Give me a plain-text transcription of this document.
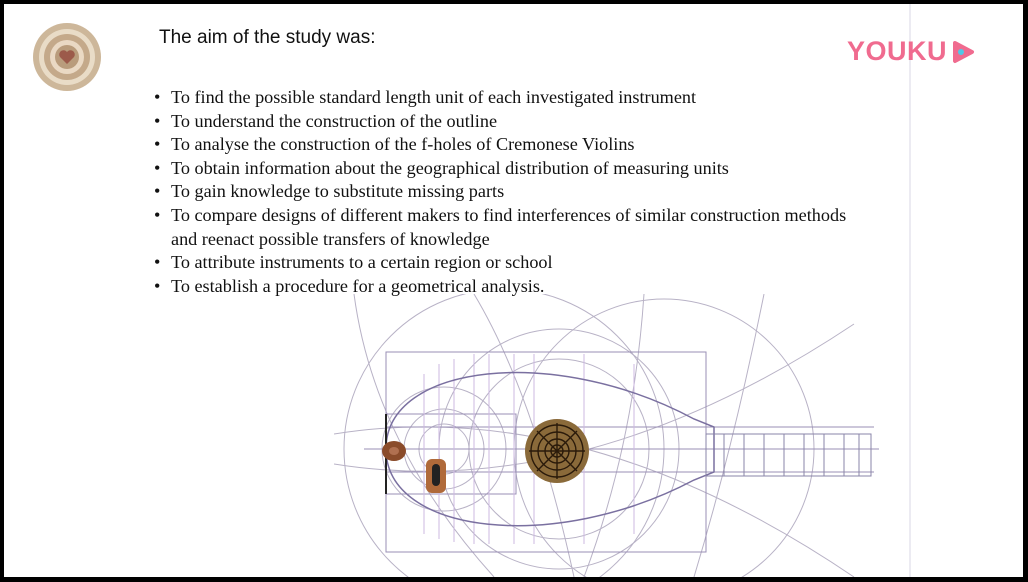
The aim of the study was:	YOUKU
• To find the possible standard length unit of each investigated instrument
• To understand the construction of the outline
• To analyse the construction of the f-holes of Cremonese Violins
• To obtain information about the geographical distribution of measuring units
• To gain knowledge to substitute missing parts
• To compare designs of different makers to find interferences of similar construction methods and reenact possible transfers of knowledge
• To attribute instruments to a certain region or school
• To establish a procedure for a geometrical analysis.
